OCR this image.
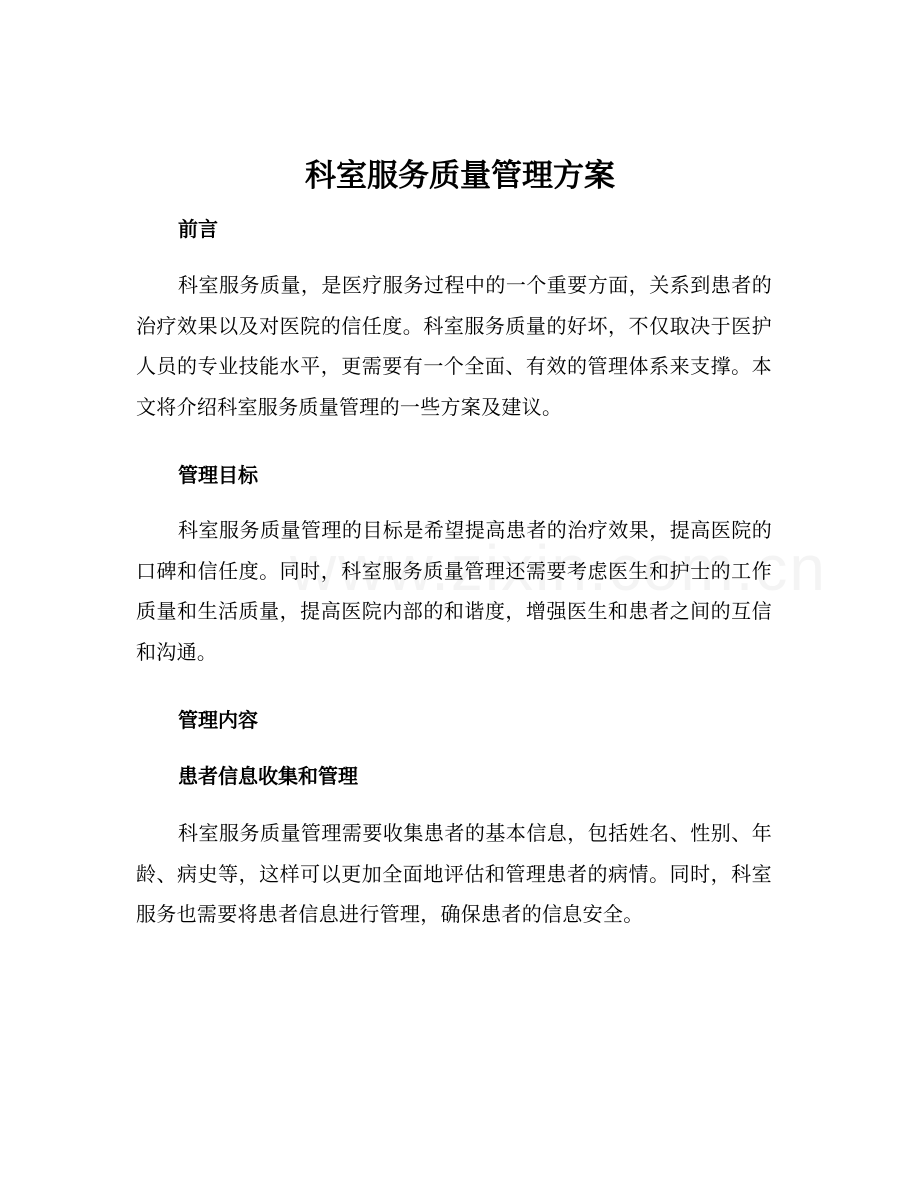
科室服务质量管理方案
前言

科室服务质量，是医疗服务过程中的一个重要方面，关系到患者的治疗效果以及对医院的信任度。科室服务质量的好坏，不仅取决于医护人员的专业技能水平，更需要有一个全面、有效的管理体系来支撑。本文将介绍科室服务质量管理的一些方案及建议。

管理目标

科室服务质量管理的目标是希望提高患者的治疗效果，提高医院的口碑和信任度。同时，科室服务质量管理还需要考虑医生和护士的工作质量和生活质量，提高医院内部的和谐度，增强医生和患者之间的互信和沟通。

管理内容
患者信息收集和管理

科室服务质量管理需要收集患者的基本信息，包括姓名、性别、年龄、病史等，这样可以更加全面地评估和管理患者的病情。同时，科室服务也需要将患者信息进行管理，确保患者的信息安全。
